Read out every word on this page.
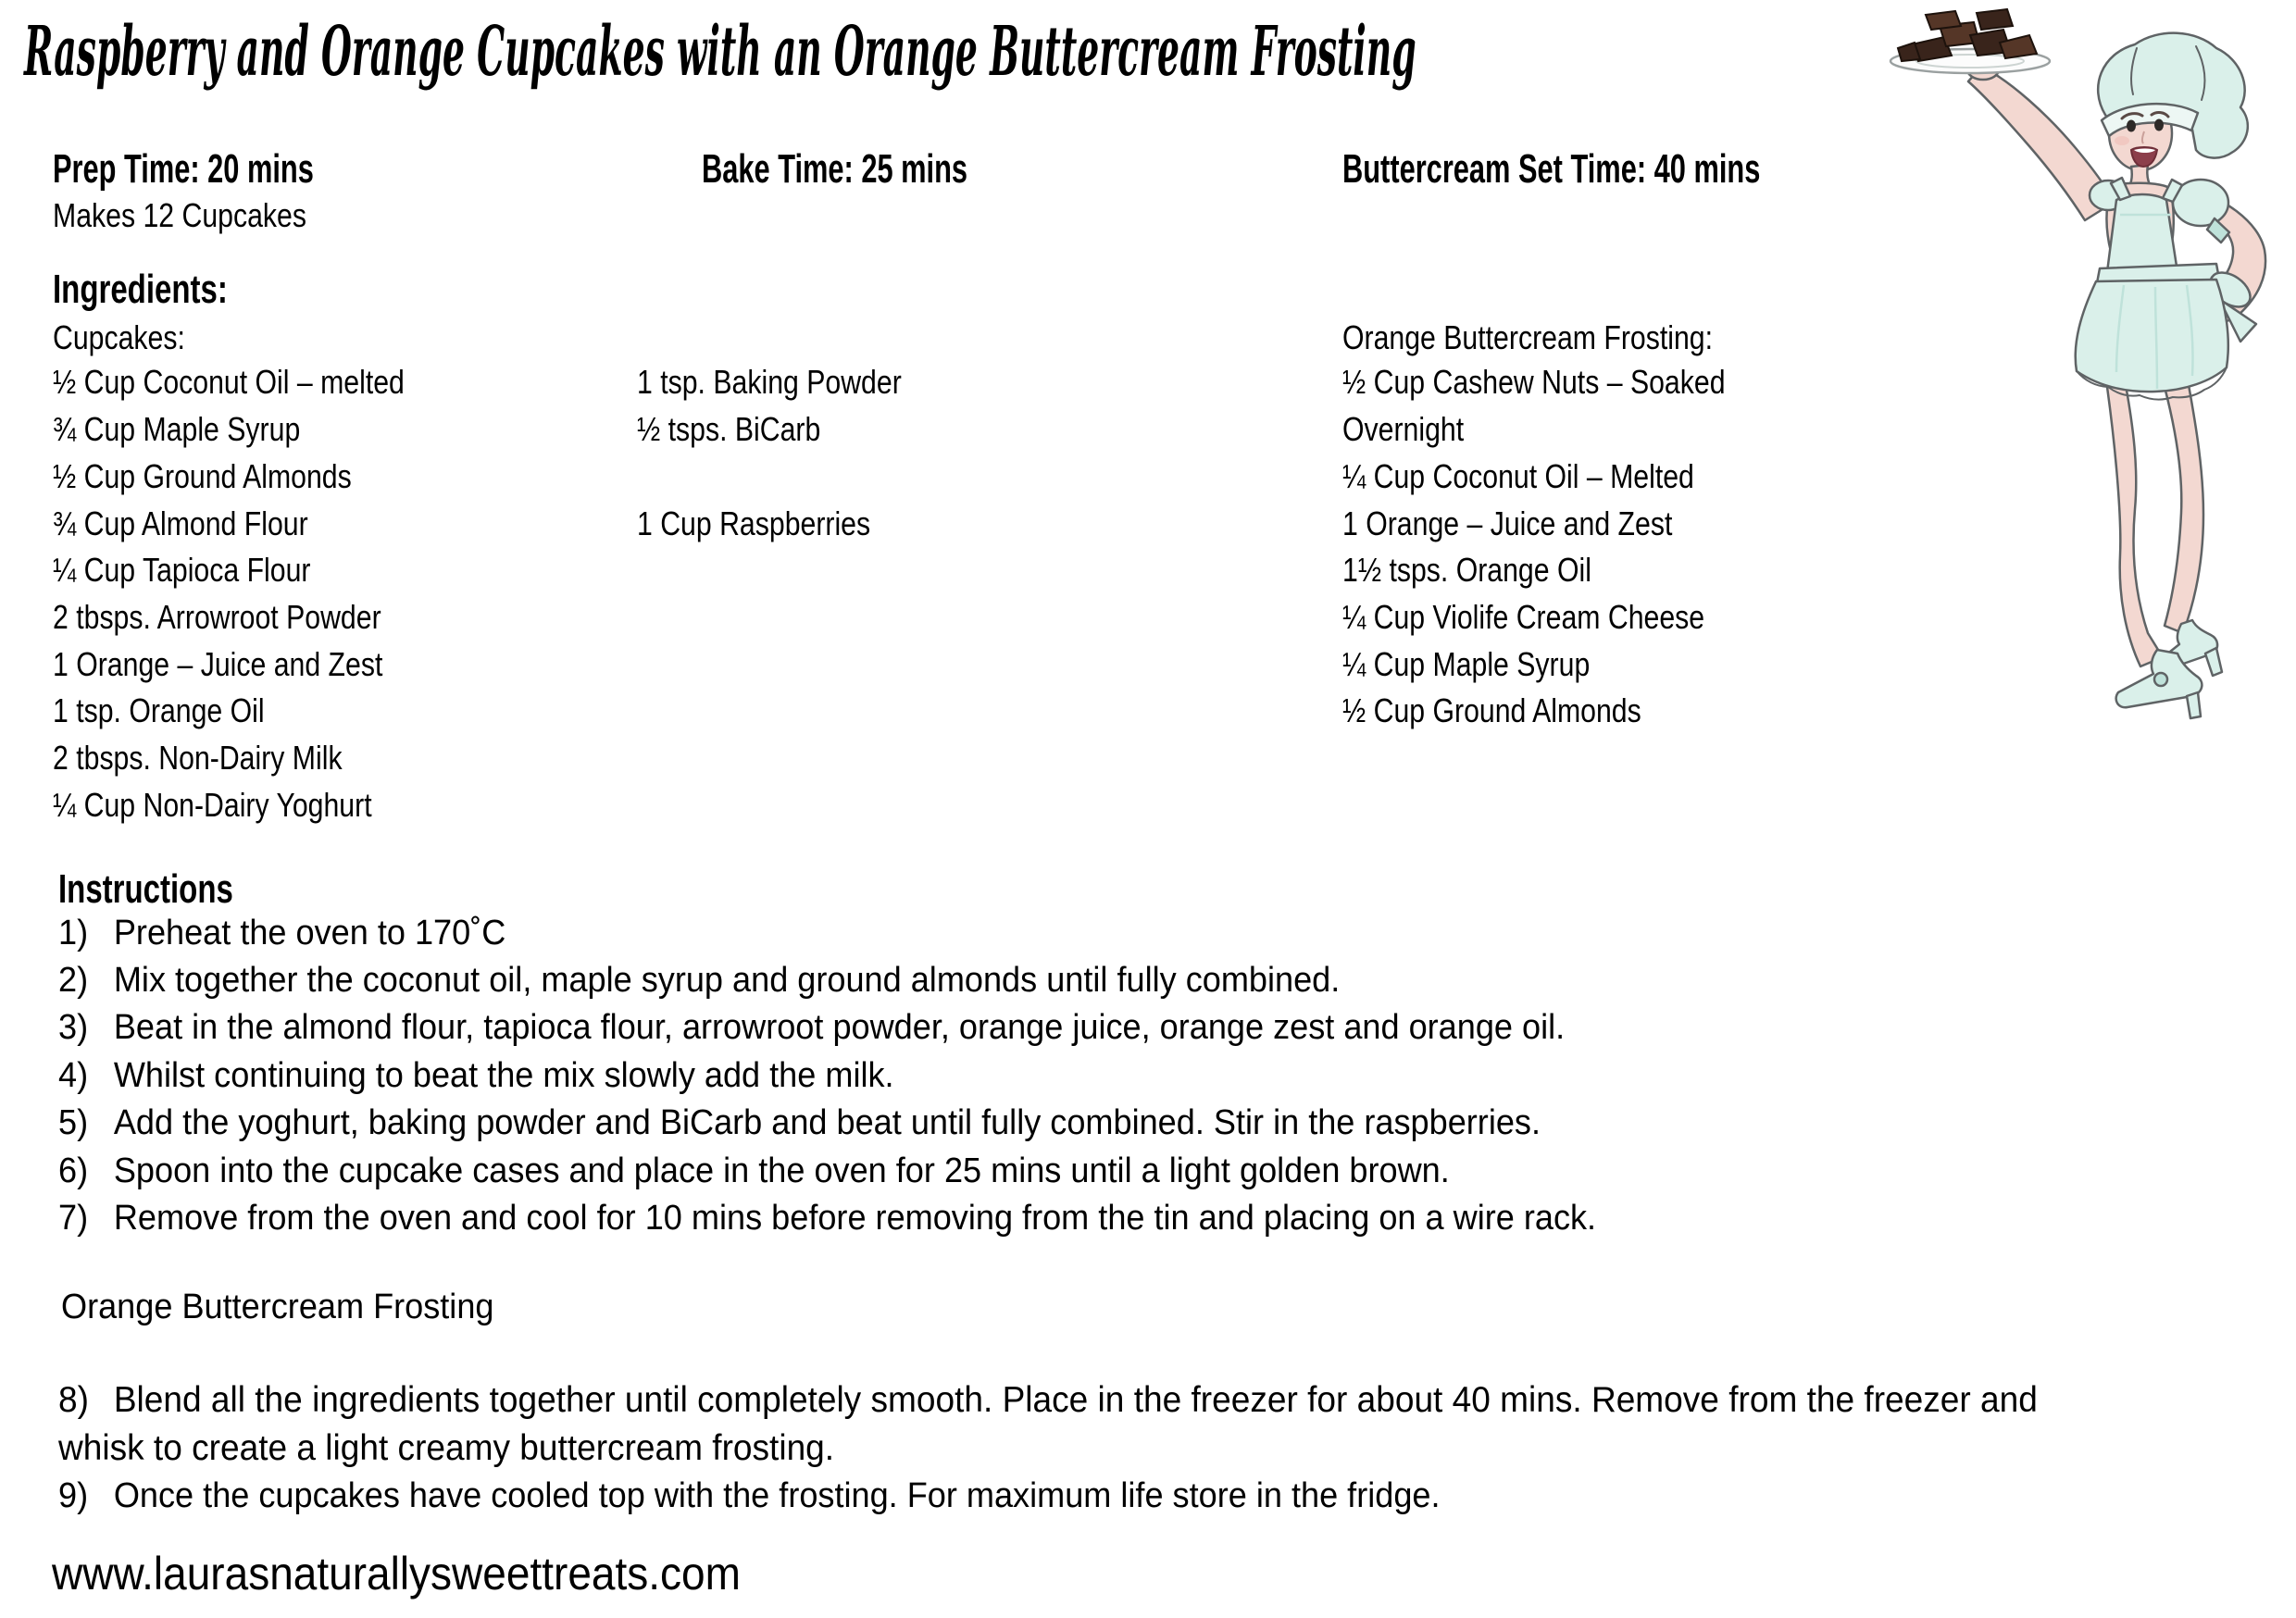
Raspberry and Orange Cupcakes with an Orange Buttercream Frosting
Prep Time: 20 mins	Bake Time: 25 mins	Buttercream Set Time: 40 mins
Makes 12 Cupcakes
Ingredients:
Cupcakes:	Orange Buttercream Frosting:
½ Cup Coconut Oil – melted
¾ Cup Maple Syrup
½ Cup Ground Almonds
¾ Cup Almond Flour
¼ Cup Tapioca Flour
2 tbsps. Arrowroot Powder
1 Orange – Juice and Zest
1 tsp. Orange Oil
2 tbsps. Non-Dairy Milk
¼ Cup Non-Dairy Yoghurt
1 tsp. Baking Powder
½ tsps. BiCarb
1 Cup Raspberries
½ Cup Cashew Nuts – Soaked
Overnight
¼ Cup Coconut Oil – Melted
1 Orange – Juice and Zest
1½ tsps. Orange Oil
¼ Cup Violife Cream Cheese
¼ Cup Maple Syrup
½ Cup Ground Almonds
Instructions
1) Preheat the oven to 170˚C
2) Mix together the coconut oil, maple syrup and ground almonds until fully combined.
3) Beat in the almond flour, tapioca flour, arrowroot powder, orange juice, orange zest and orange oil.
4) Whilst continuing to beat the mix slowly add the milk.
5) Add the yoghurt, baking powder and BiCarb and beat until fully combined. Stir in the raspberries.
6) Spoon into the cupcake cases and place in the oven for 25 mins until a light golden brown.
7) Remove from the oven and cool for 10 mins before removing from the tin and placing on a wire rack.
Orange Buttercream Frosting
8) Blend all the ingredients together until completely smooth. Place in the freezer for about 40 mins. Remove from the freezer and
whisk to create a light creamy buttercream frosting.
9) Once the cupcakes have cooled top with the frosting. For maximum life store in the fridge.
www.laurasnaturallysweettreats.com
